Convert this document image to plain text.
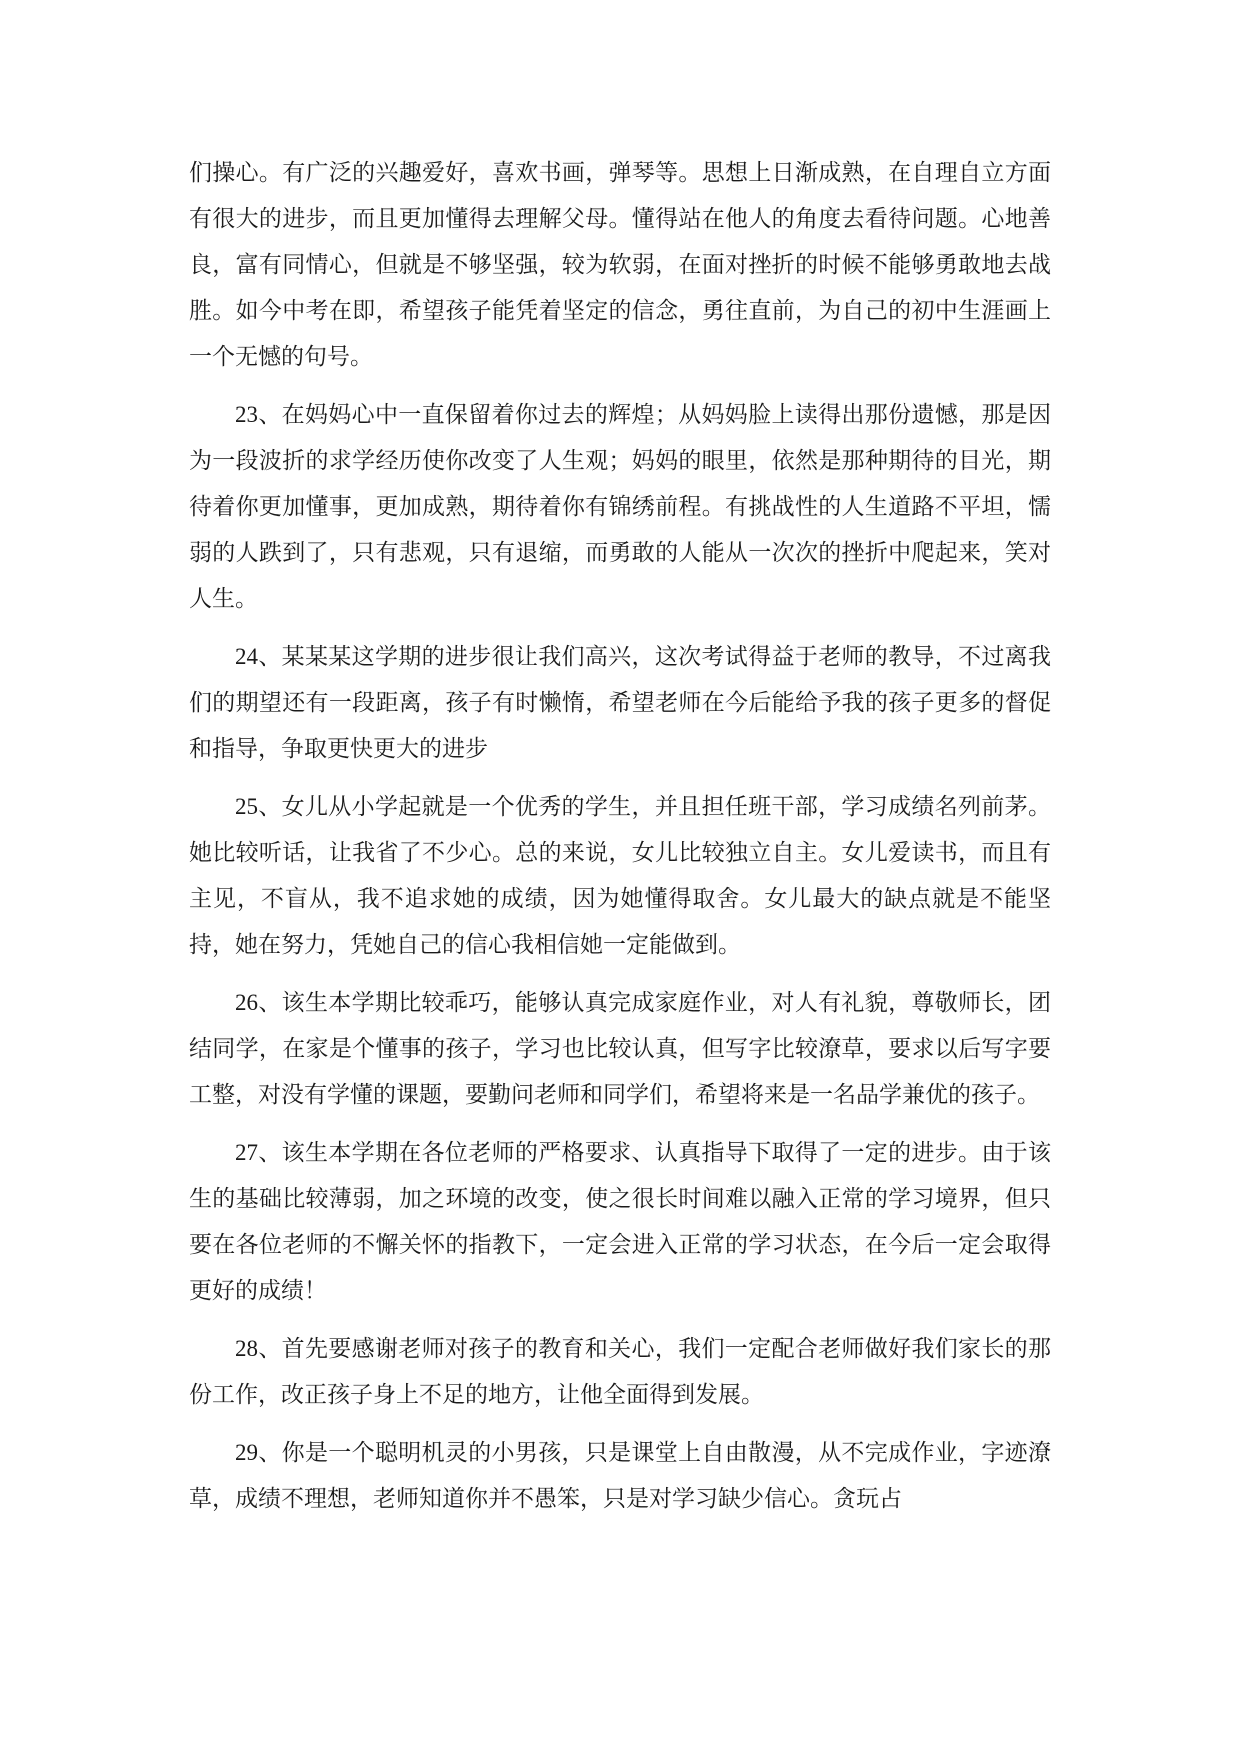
们操心。有广泛的兴趣爱好，喜欢书画，弹琴等。思想上日渐成熟，在自理自立方面有很大的进步，而且更加懂得去理解父母。懂得站在他人的角度去看待问题。心地善良，富有同情心，但就是不够坚强，较为软弱，在面对挫折的时候不能够勇敢地去战胜。如今中考在即，希望孩子能凭着坚定的信念，勇往直前，为自己的初中生涯画上一个无憾的句号。

23、在妈妈心中一直保留着你过去的辉煌；从妈妈脸上读得出那份遗憾，那是因为一段波折的求学经历使你改变了人生观；妈妈的眼里，依然是那种期待的目光，期待着你更加懂事，更加成熟，期待着你有锦绣前程。有挑战性的人生道路不平坦，懦弱的人跌到了，只有悲观，只有退缩，而勇敢的人能从一次次的挫折中爬起来，笑对人生。

24、某某某这学期的进步很让我们高兴，这次考试得益于老师的教导，不过离我们的期望还有一段距离，孩子有时懒惰，希望老师在今后能给予我的孩子更多的督促和指导，争取更快更大的进步

25、女儿从小学起就是一个优秀的学生，并且担任班干部，学习成绩名列前茅。她比较听话，让我省了不少心。总的来说，女儿比较独立自主。女儿爱读书，而且有主见，不盲从，我不追求她的成绩，因为她懂得取舍。女儿最大的缺点就是不能坚持，她在努力，凭她自己的信心我相信她一定能做到。

26、该生本学期比较乖巧，能够认真完成家庭作业，对人有礼貌，尊敬师长，团结同学，在家是个懂事的孩子，学习也比较认真，但写字比较潦草，要求以后写字要工整，对没有学懂的课题，要勤问老师和同学们，希望将来是一名品学兼优的孩子。

27、该生本学期在各位老师的严格要求、认真指导下取得了一定的进步。由于该生的基础比较薄弱，加之环境的改变，使之很长时间难以融入正常的学习境界，但只要在各位老师的不懈关怀的指教下，一定会进入正常的学习状态，在今后一定会取得更好的成绩！

28、首先要感谢老师对孩子的教育和关心，我们一定配合老师做好我们家长的那份工作，改正孩子身上不足的地方，让他全面得到发展。

29、你是一个聪明机灵的小男孩，只是课堂上自由散漫，从不完成作业，字迹潦草，成绩不理想，老师知道你并不愚笨，只是对学习缺少信心。贪玩占
